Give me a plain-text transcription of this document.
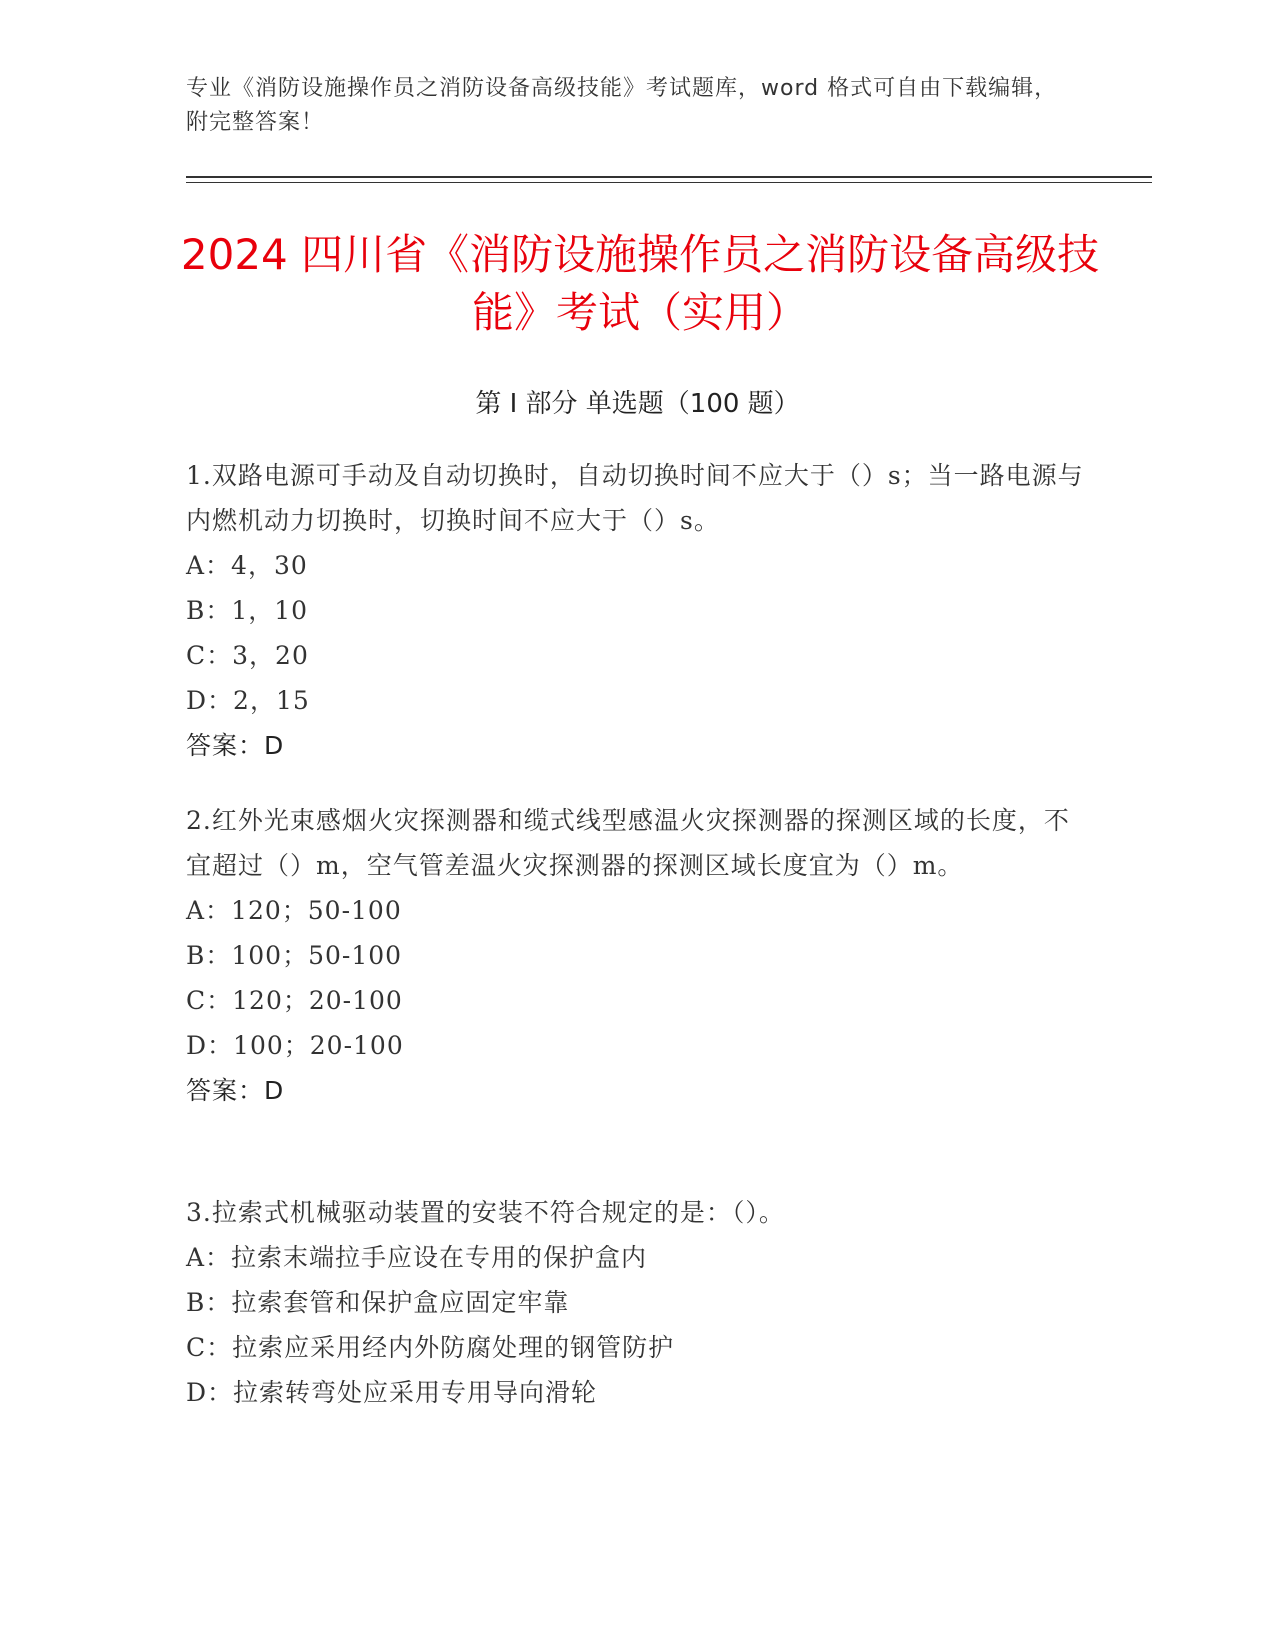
专业《消防设施操作员之消防设备高级技能》考试题库，word 格式可自由下载编辑，附完整答案！
2024 四川省《消防设施操作员之消防设备高级技能》考试（实用）
第 I 部分 单选题（100 题）

1.双路电源可手动及自动切换时，自动切换时间不应大于（）s；当一路电源与内燃机动力切换时，切换时间不应大于（）s。

A：4，30

B：1，10

C：3，20

D：2，15

答案：D

2.红外光束感烟火灾探测器和缆式线型感温火灾探测器的探测区域的长度，不宜超过（）m，空气管差温火灾探测器的探测区域长度宜为（）m。

A：120；50-100

B：100；50-100

C：120；20-100

D：100；20-100

答案：D

3.拉索式机械驱动装置的安装不符合规定的是：（）。

A：拉索末端拉手应设在专用的保护盒内

B：拉索套管和保护盒应固定牢靠

C：拉索应采用经内外防腐处理的钢管防护

D：拉索转弯处应采用专用导向滑轮
